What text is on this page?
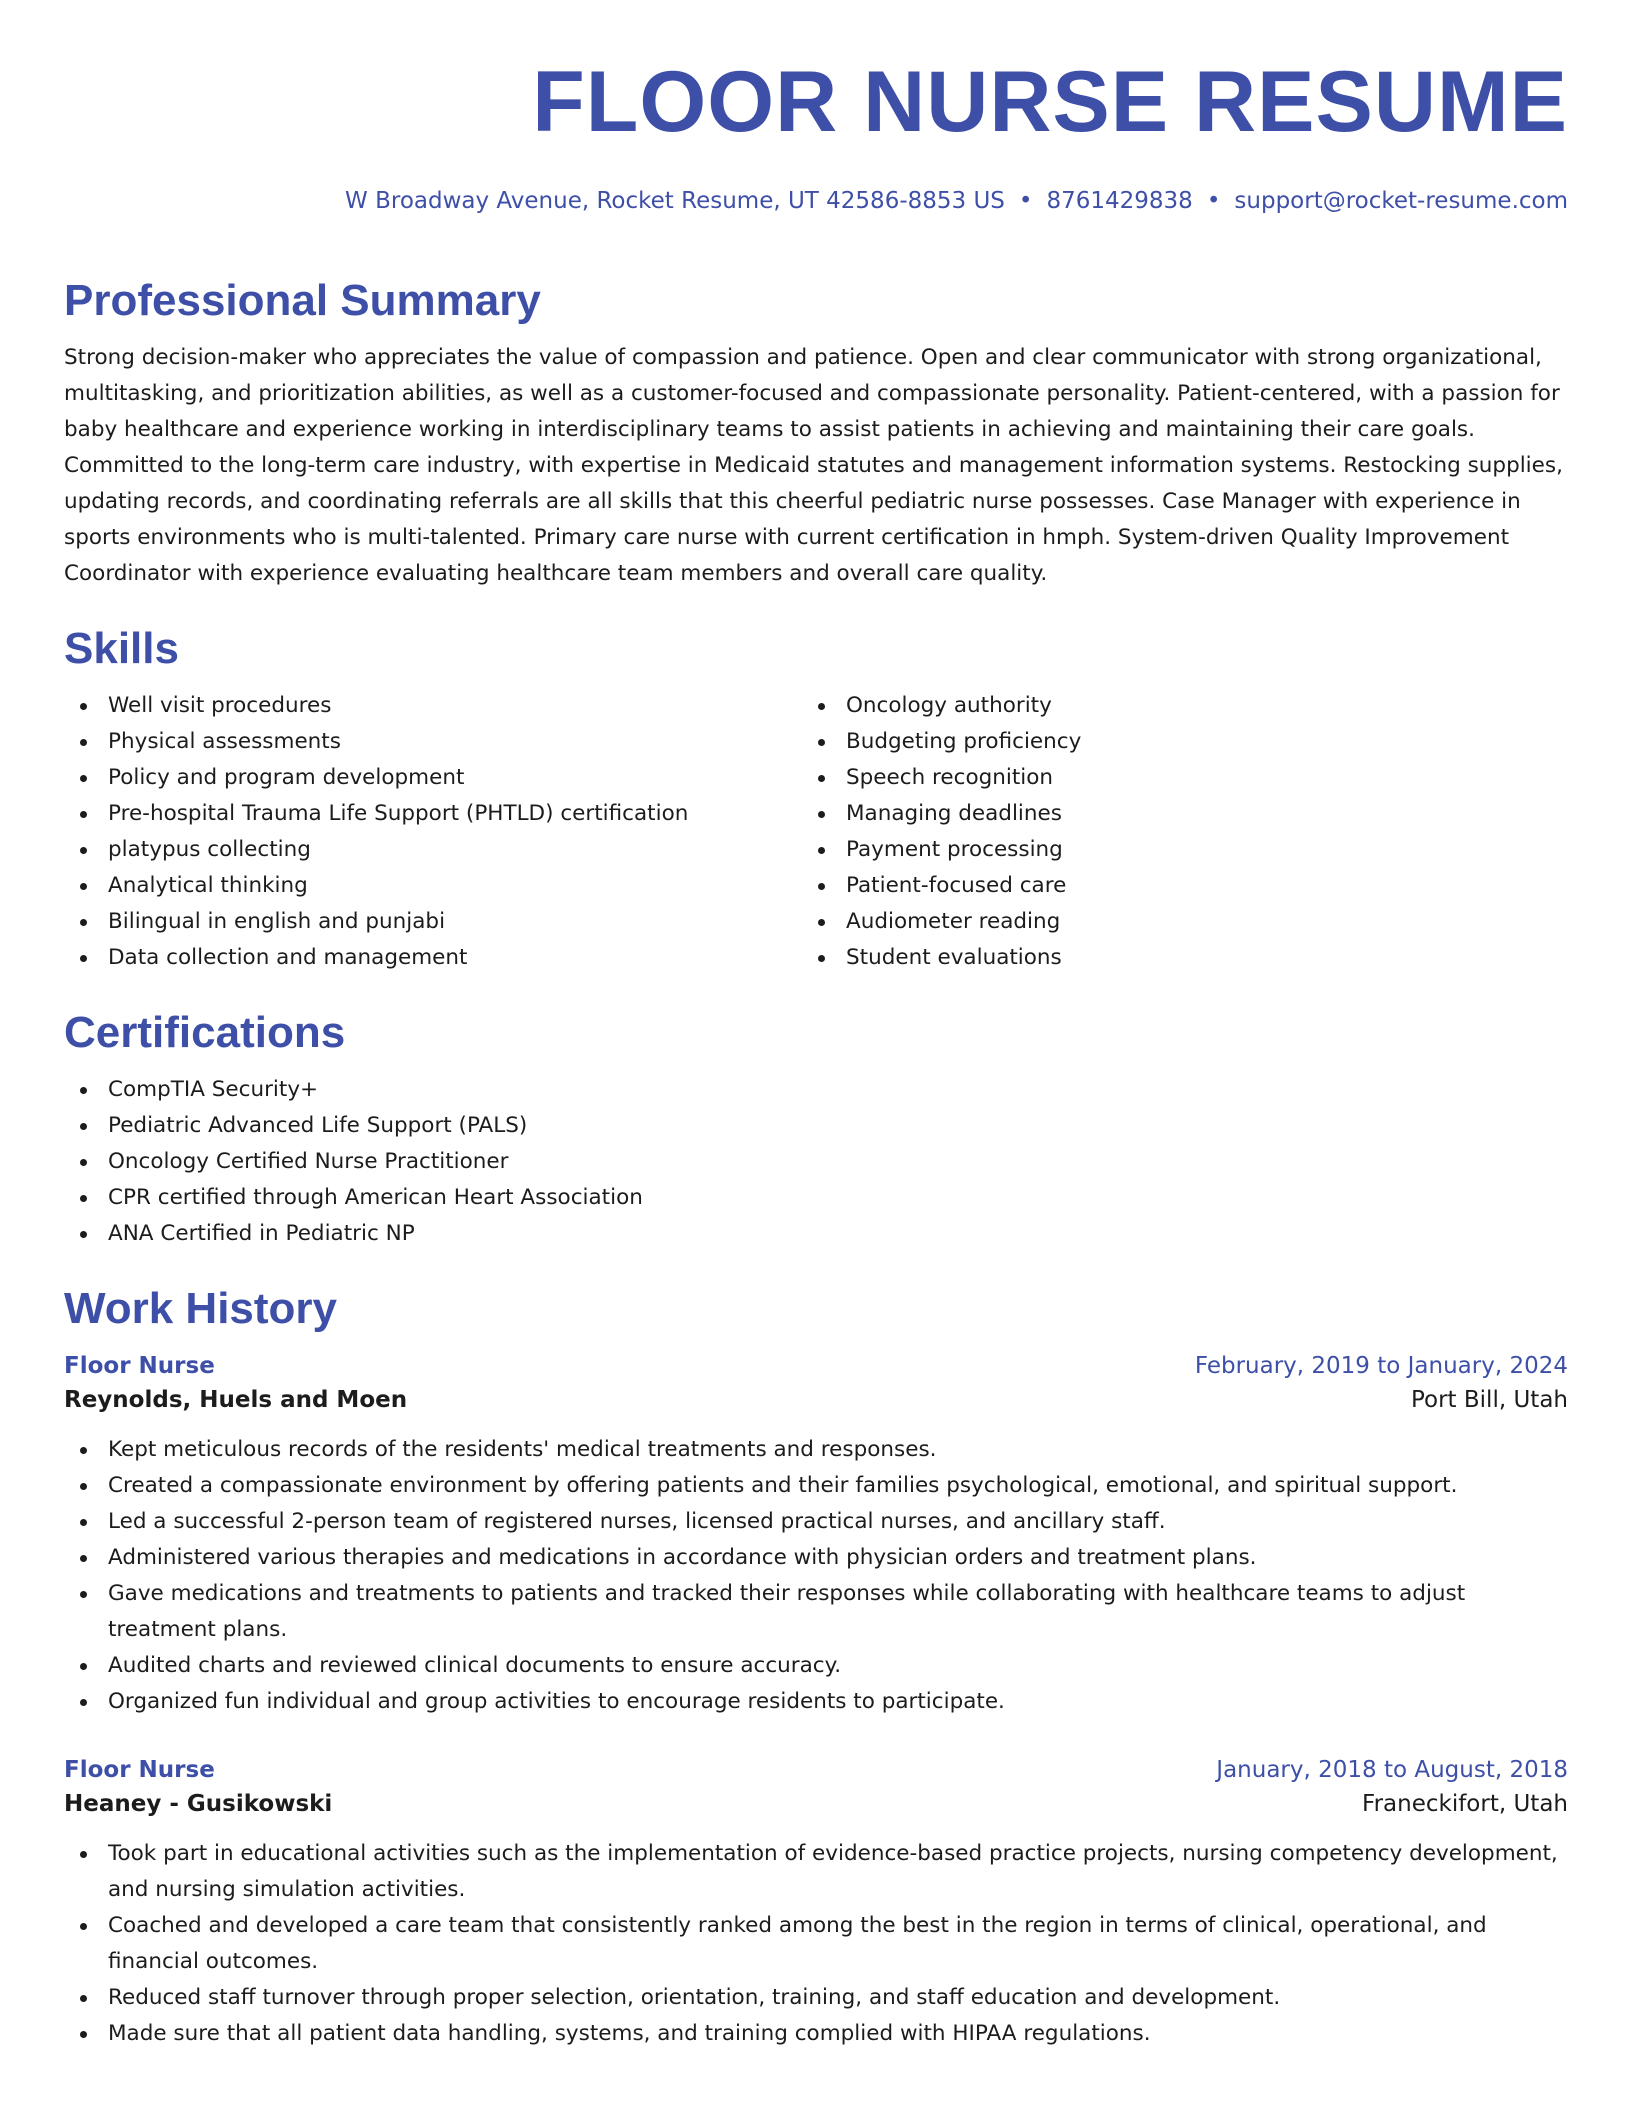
FLOOR NURSE RESUME
W Broadway Avenue, Rocket Resume, UT 42586-8853 US • 8761429838 • support@rocket-resume.com
Professional Summary

Strong decision-maker who appreciates the value of compassion and patience. Open and clear communicator with strong organizational, multitasking, and prioritization abilities, as well as a customer-focused and compassionate personality. Patient-centered, with a passion for baby healthcare and experience working in interdisciplinary teams to assist patients in achieving and maintaining their care goals. Committed to the long-term care industry, with expertise in Medicaid statutes and management information systems. Restocking supplies, updating records, and coordinating referrals are all skills that this cheerful pediatric nurse possesses. Case Manager with experience in sports environments who is multi-talented. Primary care nurse with current certification in hmph. System-driven Quality Improvement Coordinator with experience evaluating healthcare team members and overall care quality.

Skills
Well visit procedures
Physical assessments
Policy and program development
Pre-hospital Trauma Life Support (PHTLD) certification
platypus collecting
Analytical thinking
Bilingual in english and punjabi
Data collection and management
Oncology authority
Budgeting proficiency
Speech recognition
Managing deadlines
Payment processing
Patient-focused care
Audiometer reading
Student evaluations
Certifications
CompTIA Security+
Pediatric Advanced Life Support (PALS)
Oncology Certified Nurse Practitioner
CPR certified through American Heart Association
ANA Certified in Pediatric NP
Work History
Floor Nurse	February, 2019 to January, 2024
Reynolds, Huels and Moen	Port Bill, Utah
Kept meticulous records of the residents' medical treatments and responses.
Created a compassionate environment by offering patients and their families psychological, emotional, and spiritual support.
Led a successful 2-person team of registered nurses, licensed practical nurses, and ancillary staff.
Administered various therapies and medications in accordance with physician orders and treatment plans.
Gave medications and treatments to patients and tracked their responses while collaborating with healthcare teams to adjust treatment plans.
Audited charts and reviewed clinical documents to ensure accuracy.
Organized fun individual and group activities to encourage residents to participate.
Floor Nurse	January, 2018 to August, 2018
Heaney - Gusikowski	Franeckifort, Utah
Took part in educational activities such as the implementation of evidence-based practice projects, nursing competency development, and nursing simulation activities.
Coached and developed a care team that consistently ranked among the best in the region in terms of clinical, operational, and financial outcomes.
Reduced staff turnover through proper selection, orientation, training, and staff education and development.
Made sure that all patient data handling, systems, and training complied with HIPAA regulations.
